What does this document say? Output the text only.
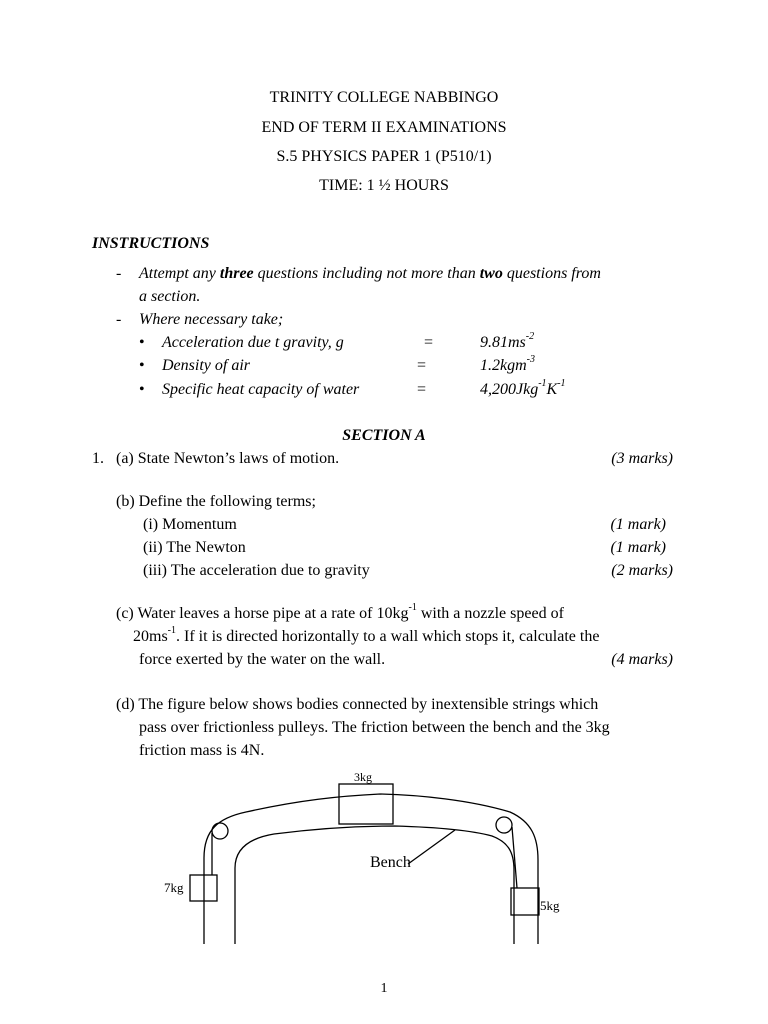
TRINITY COLLEGE NABBINGO
END OF TERM II EXAMINATIONS
S.5 PHYSICS PAPER 1 (P510/1)
TIME: 1 ½ HOURS
INSTRUCTIONS
- Attempt any three questions including not more than two questions from
a section.
- Where necessary take;
• Acceleration due t gravity, g	=	$9.81ms^{-2}$
• Density of air	=	1.2kgm$^{-3}$
• Specific heat capacity of water	=	$4,200Jkg^{-1}K^{-1}$
SECTION A
1. (a) State Newton’s laws of motion.	(3 marks)
(b) Define the following terms;
(i) Momentum	(1 mark)
(ii) The Newton	(1 mark)
(iii) The acceleration due to gravity	(2 marks)
(c) Water leaves a horse pipe at a rate of $10kg^{-1}$ with a nozzle speed of
$20ms^{-1}$. If it is directed horizontally to a wall which stops it, calculate the
force exerted by the water on the wall.	(4 marks)
(d) The figure below shows bodies connected by inextensible strings which
pass over frictionless pulleys. The friction between the bench and the 3kg
friction mass is 4N.
3kg
7kg
5kg
Bench
1
